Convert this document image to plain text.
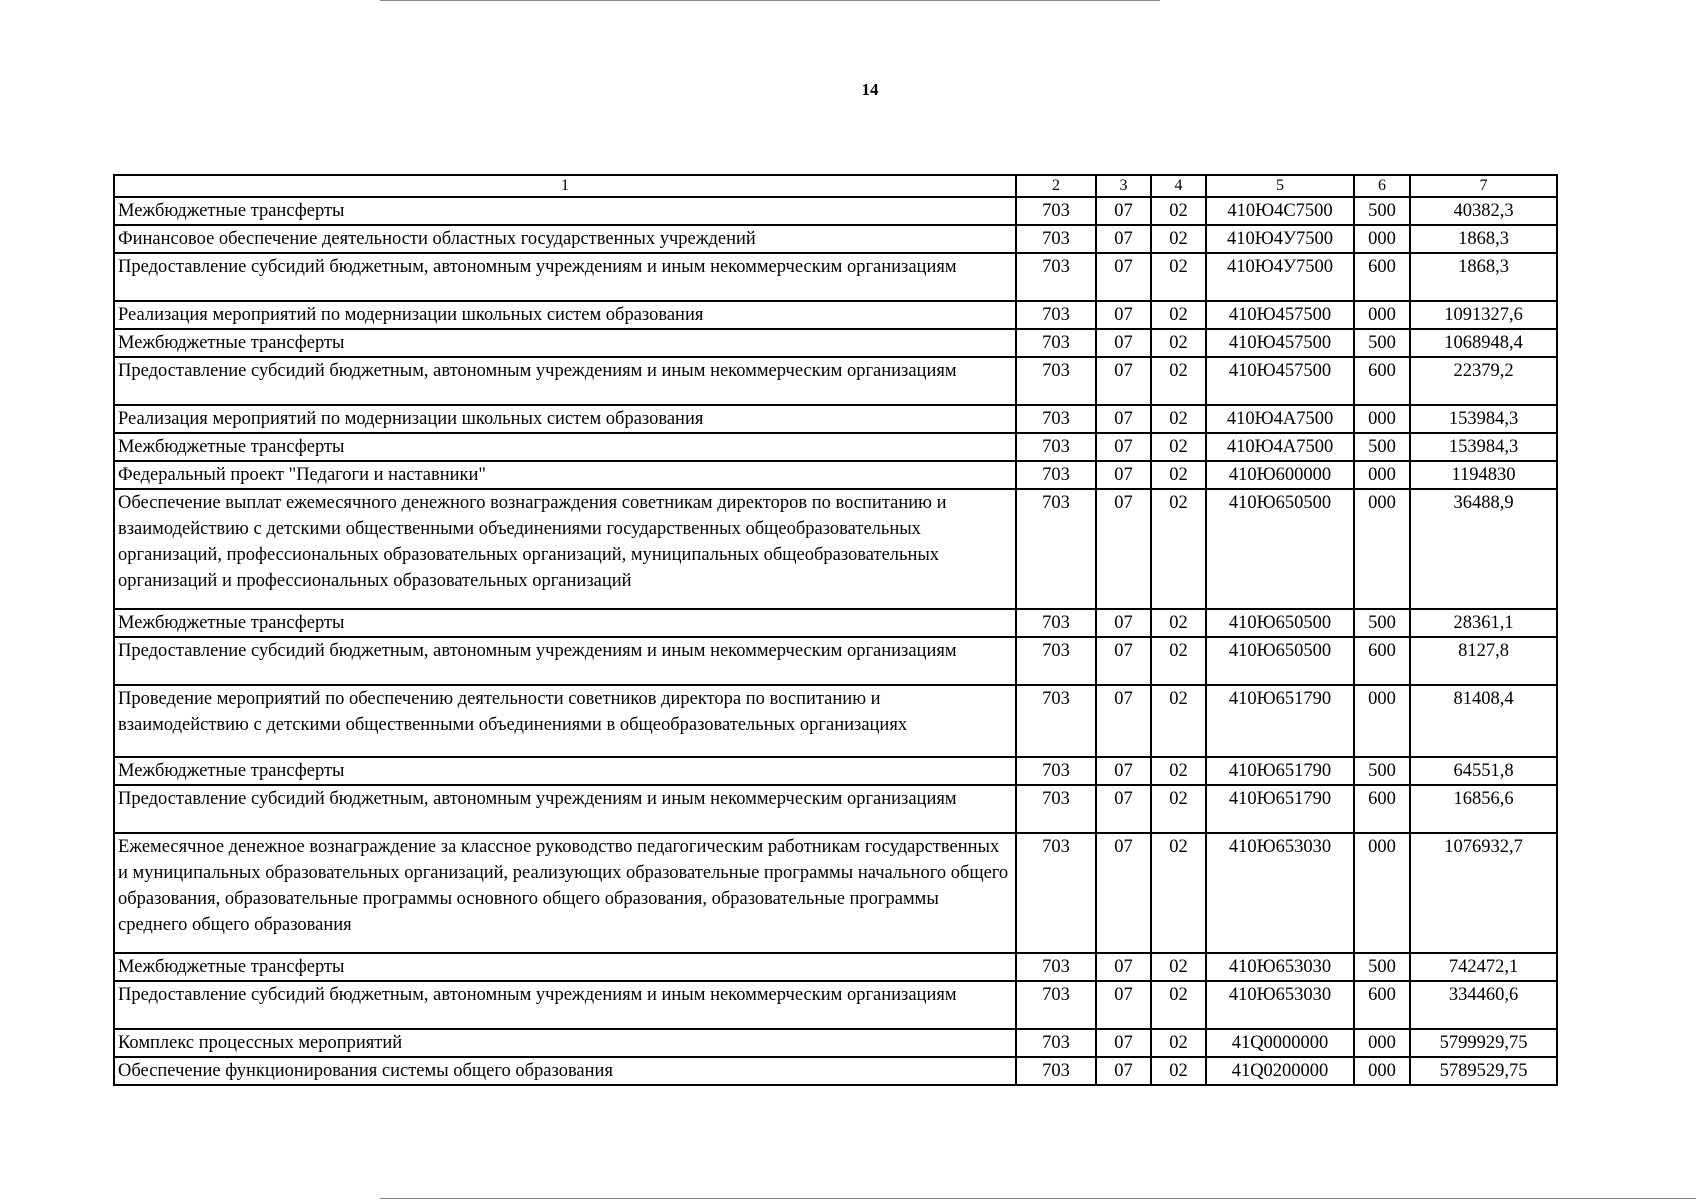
14
1	2	3	4	5	6	7
Межбюджетные трансферты	703	07	02	410Ю4С7500	500	40382,3
Финансовое обеспечение деятельности областных государственных учреждений	703	07	02	410Ю4У7500	000	1868,3
Предоставление субсидий бюджетным, автономным учреждениям и иным некоммерческим организациям	703	07	02	410Ю4У7500	600	1868,3
Реализация мероприятий по модернизации школьных систем образования	703	07	02	410Ю457500	000	1091327,6
Межбюджетные трансферты	703	07	02	410Ю457500	500	1068948,4
Предоставление субсидий бюджетным, автономным учреждениям и иным некоммерческим организациям	703	07	02	410Ю457500	600	22379,2
Реализация мероприятий по модернизации школьных систем образования	703	07	02	410Ю4А7500	000	153984,3
Межбюджетные трансферты	703	07	02	410Ю4А7500	500	153984,3
Федеральный проект "Педагоги и наставники"	703	07	02	410Ю600000	000	1194830
Обеспечение выплат ежемесячного денежного вознаграждения советникам директоров по воспитанию и взаимодействию с детскими общественными объединениями государственных общеобразовательных организаций, профессиональных образовательных организаций, муниципальных общеобразовательных организаций и профессиональных образовательных организаций	703	07	02	410Ю650500	000	36488,9
Межбюджетные трансферты	703	07	02	410Ю650500	500	28361,1
Предоставление субсидий бюджетным, автономным учреждениям и иным некоммерческим организациям	703	07	02	410Ю650500	600	8127,8
Проведение мероприятий по обеспечению деятельности советников директора по воспитанию и взаимодействию с детскими общественными объединениями в общеобразовательных организациях	703	07	02	410Ю651790	000	81408,4
Межбюджетные трансферты	703	07	02	410Ю651790	500	64551,8
Предоставление субсидий бюджетным, автономным учреждениям и иным некоммерческим организациям	703	07	02	410Ю651790	600	16856,6
Ежемесячное денежное вознаграждение за классное руководство педагогическим работникам государственных и муниципальных образовательных организаций, реализующих образовательные программы начального общего образования, образовательные программы основного общего образования, образовательные программы среднего общего образования	703	07	02	410Ю653030	000	1076932,7
Межбюджетные трансферты	703	07	02	410Ю653030	500	742472,1
Предоставление субсидий бюджетным, автономным учреждениям и иным некоммерческим организациям	703	07	02	410Ю653030	600	334460,6
Комплекс процессных мероприятий	703	07	02	41Q0000000	000	5799929,75
Обеспечение функционирования системы общего образования	703	07	02	41Q0200000	000	5789529,75
